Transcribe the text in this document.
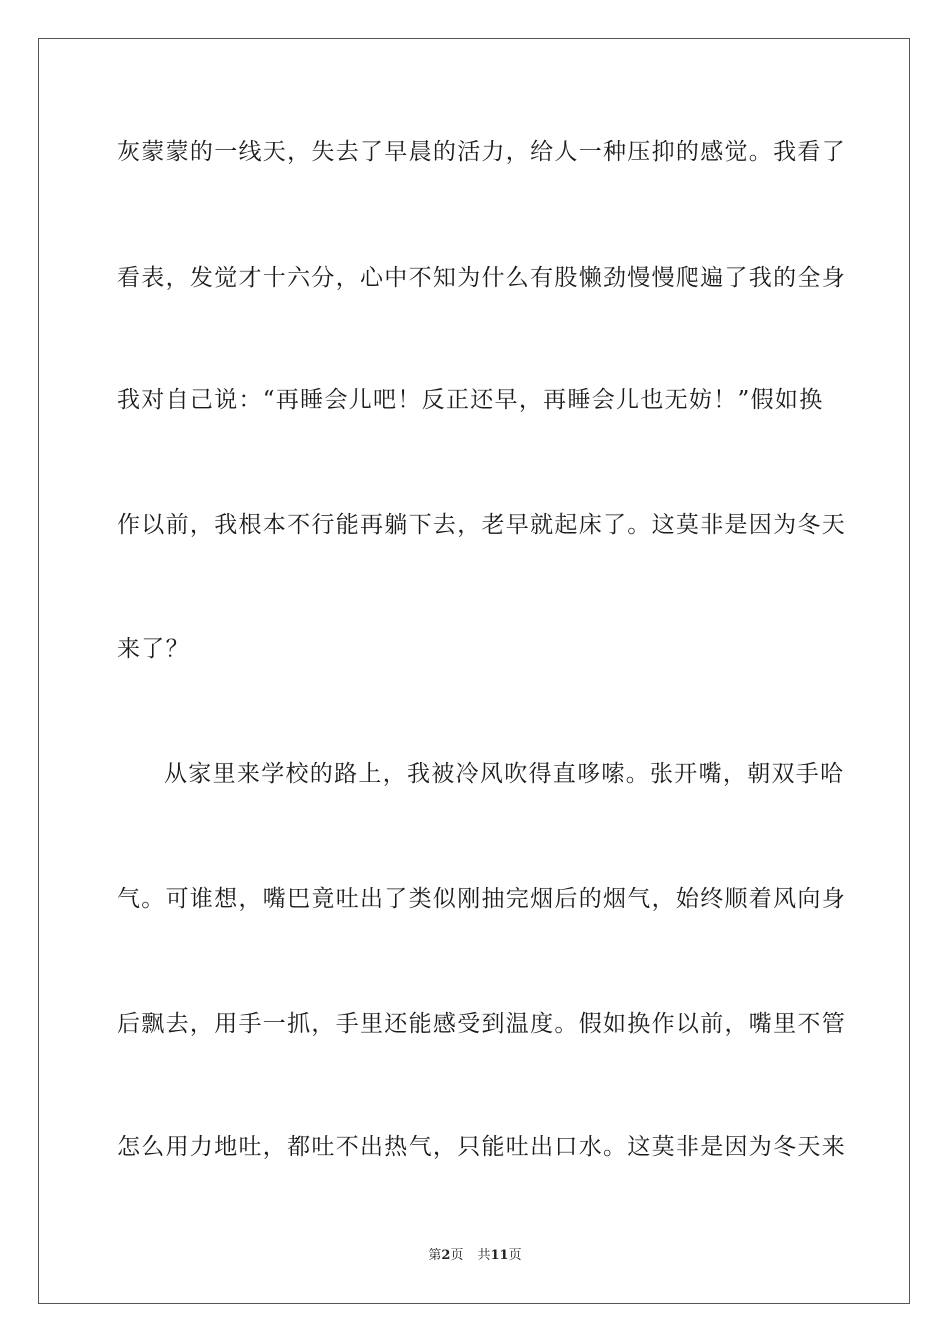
灰蒙蒙的一线天，失去了早晨的活力，给人一种压抑的感觉。我看了
看表，发觉才十六分，心中不知为什么有股懒劲慢慢爬遍了我的全身
我对自己说：“再睡会儿吧！反正还早，再睡会儿也无妨！”假如换
作以前，我根本不行能再躺下去，老早就起床了。这莫非是因为冬天
来了？
从家里来学校的路上，我被冷风吹得直哆嗦。张开嘴，朝双手哈
气。可谁想，嘴巴竟吐出了类似刚抽完烟后的烟气，始终顺着风向身
后飘去，用手一抓，手里还能感受到温度。假如换作以前，嘴里不管
怎么用力地吐，都吐不出热气，只能吐出口水。这莫非是因为冬天来
第2页 共11页
